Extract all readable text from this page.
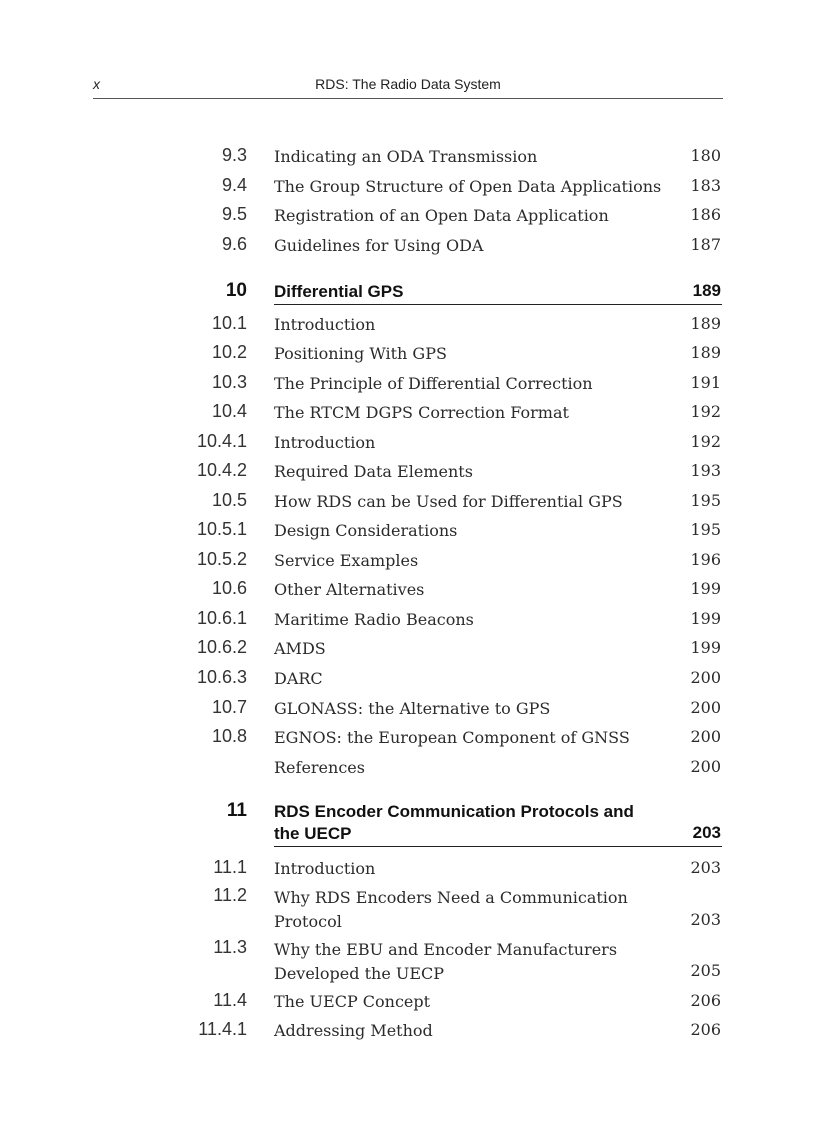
x	RDS: The Radio Data System
9.3 Indicating an ODA Transmission	180
9.4 The Group Structure of Open Data Applications	183
9.5 Registration of an Open Data Application	186
9.6 Guidelines for Using ODA	187
10 Differential GPS	189
10.1 Introduction	189
10.2 Positioning With GPS	189
10.3 The Principle of Differential Correction	191
10.4 The RTCM DGPS Correction Format	192
10.4.1 Introduction	192
10.4.2 Required Data Elements	193
10.5 How RDS can be Used for Differential GPS	195
10.5.1 Design Considerations	195
10.5.2 Service Examples	196
10.6 Other Alternatives	199
10.6.1 Maritime Radio Beacons	199
10.6.2 AMDS	199
10.6.3 DARC	200
10.7 GLONASS: the Alternative to GPS	200
10.8 EGNOS: the European Component of GNSS	200
References	200
11 RDS Encoder Communication Protocols and the UECP	203
11.1 Introduction	203
11.2 Why RDS Encoders Need a Communication Protocol	203
11.3 Why the EBU and Encoder Manufacturers Developed the UECP	205
11.4 The UECP Concept	206
11.4.1 Addressing Method	206
